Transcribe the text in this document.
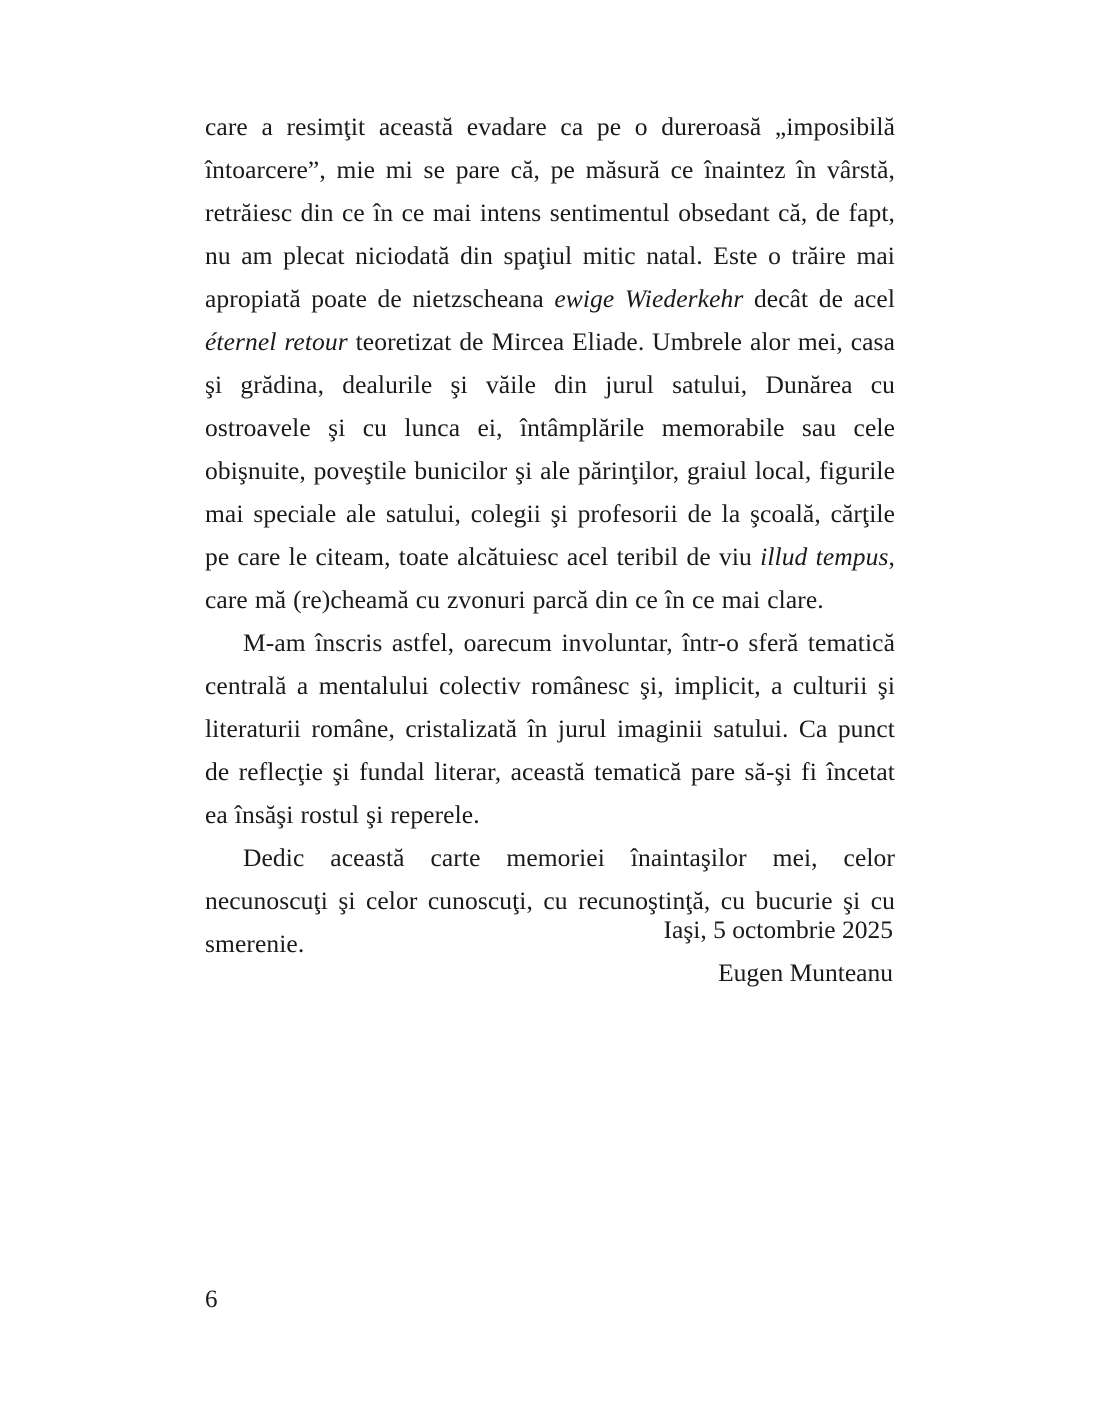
care a resimţit această evadare ca pe o dureroasă „imposibilă întoarcere”, mie mi se pare că, pe măsură ce înaintez în vârstă, retrăiesc din ce în ce mai intens sentimentul obsedant că, de fapt, nu am plecat niciodată din spaţiul mitic natal. Este o trăire mai apropiată poate de nietzscheana ewige Wiederkehr decât de acel éternel retour teoretizat de Mircea Eliade. Umbrele alor mei, casa şi grădina, dealurile şi văile din jurul satului, Dunărea cu ostroavele şi cu lunca ei, întâmplările memorabile sau cele obişnuite, poveştile bunicilor şi ale părinţilor, graiul local, figurile mai speciale ale satului, colegii şi profesorii de la şcoală, cărţile pe care le citeam, toate alcătuiesc acel teribil de viu illud tempus, care mă (re)cheamă cu zvonuri parcă din ce în ce mai clare.

M-am înscris astfel, oarecum involuntar, într-o sferă tematică centrală a mentalului colectiv românesc şi, implicit, a culturii şi literaturii române, cristalizată în jurul imaginii satului. Ca punct de reflecţie şi fundal literar, această tematică pare să-şi fi încetat ea însăşi rostul şi reperele.

Dedic această carte memoriei înaintaşilor mei, celor necunoscuţi şi celor cunoscuţi, cu recunoştinţă, cu bucurie şi cu smerenie.	Iaşi, 5 octombrie 2025
Eugen Munteanu
6
